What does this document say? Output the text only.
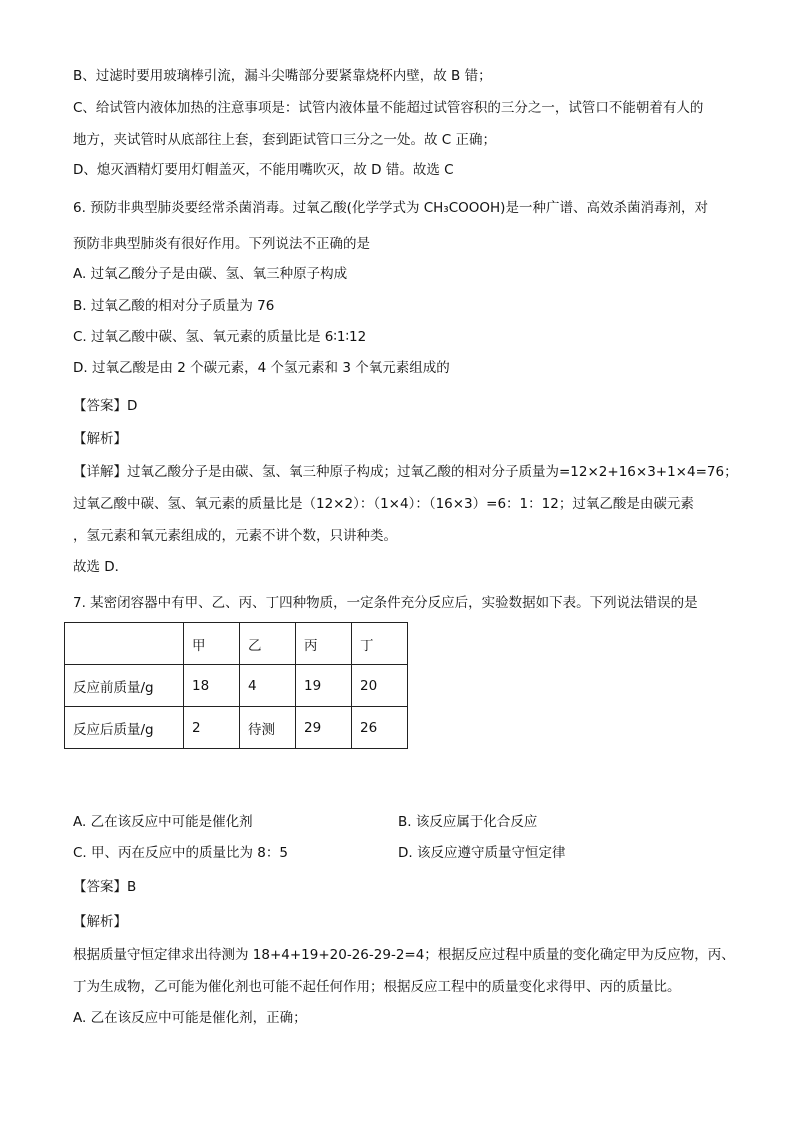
B、过滤时要用玻璃棒引流，漏斗尖嘴部分要紧靠烧杯内壁，故 B 错；
C、给试管内液体加热的注意事项是：试管内液体量不能超过试管容积的三分之一，试管口不能朝着有人的
地方，夹试管时从底部往上套，套到距试管口三分之一处。故 C 正确；
D、熄灭酒精灯要用灯帽盖灭，不能用嘴吹灭，故 D 错。故选 C
6. 预防非典型肺炎要经常杀菌消毒。过氧乙酸(化学学式为 CH₃COOOH)是一种广谱、高效杀菌消毒剂，对
预防非典型肺炎有很好作用。下列说法不正确的是
A. 过氧乙酸分子是由碳、氢、氧三种原子构成
B. 过氧乙酸的相对分子质量为 76
C. 过氧乙酸中碳、氢、氧元素的质量比是 6∶1∶12
D. 过氧乙酸是由 2 个碳元素，4 个氢元素和 3 个氧元素组成的
【答案】D
【解析】
【详解】过氧乙酸分子是由碳、氢、氧三种原子构成；过氧乙酸的相对分子质量为=12×2+16×3+1×4=76；
过氧乙酸中碳、氢、氧元素的质量比是（12×2）：（1×4）：（16×3）=6：1：12；过氧乙酸是由碳元素
，氢元素和氧元素组成的，元素不讲个数，只讲种类。
故选 D．
7. 某密闭容器中有甲、乙、丙、丁四种物质，一定条件充分反应后，实验数据如下表。下列说法错误的是
	甲	乙	丙	丁
反应前质量/g	18	4	19	20
反应后质量/g	2	待测	29	26
A. 乙在该反应中可能是催化剂	B. 该反应属于化合反应
C. 甲、丙在反应中的质量比为 8：5	D. 该反应遵守质量守恒定律
【答案】B
【解析】
根据质量守恒定律求出待测为 18+4+19+20-26-29-2=4；根据反应过程中质量的变化确定甲为反应物，丙、
丁为生成物，乙可能为催化剂也可能不起任何作用；根据反应工程中的质量变化求得甲、丙的质量比。
A. 乙在该反应中可能是催化剂，正确；
